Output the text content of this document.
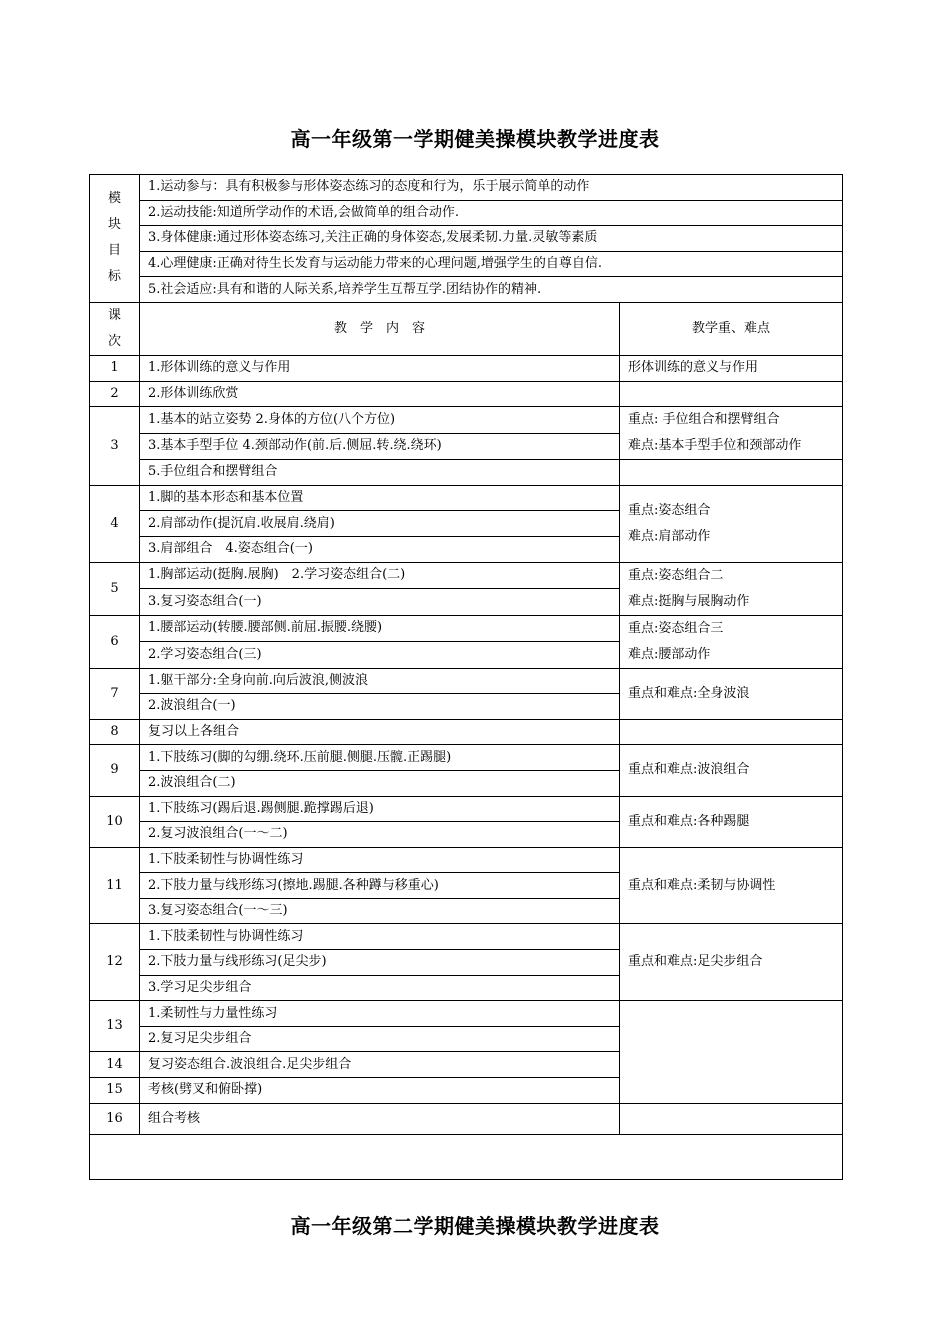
高一年级第一学期健美操模块教学进度表
模
块
目
标	1.运动参与：具有积极参与形体姿态练习的态度和行为，乐于展示简单的动作	
	2.运动技能:知道所学动作的术语,会做简单的组合动作.	
	3.身体健康:通过形体姿态练习,关注正确的身体姿态,发展柔韧.力量.灵敏等素质	
	4.心理健康:正确对待生长发育与运动能力带来的心理问题,增强学生的自尊自信.	
	5.社会适应:具有和谐的人际关系,培养学生互帮互学.团结协作的精神.	

课
次	教　学　内　容	教学重、难点
1	1.形体训练的意义与作用	形体训练的意义与作用
2	2.形体训练欣赏	
3	1.基本的站立姿势 2.身体的方位(八个方位)	重点: 手位组合和摆臂组合
难点:基本手型手位和颈部动作

	3.基本手型手位 4.颈部动作(前.后.侧屈.转.绕.绕环)	
	5.手位组合和摆臂组合	
4	1.脚的基本形态和基本位置	重点:姿态组合
难点:肩部动作

	2.肩部动作(提沉肩.收展肩.绕肩)	
	3.肩部组合　4.姿态组合(一)	
5	1.胸部运动(挺胸.展胸)　2.学习姿态组合(二)	重点:姿态组合二
难点:挺胸与展胸动作

	3.复习姿态组合(一)	
6	1.腰部运动(转腰.腰部侧.前屈.振腰.绕腰)	重点:姿态组合三
难点:腰部动作

	2.学习姿态组合(三)	
7	1.躯干部分:全身向前.向后波浪,侧波浪	重点和难点:全身波浪
	2.波浪组合(一)	
8	复习以上各组合	
9	1.下肢练习(脚的勾绷.绕环.压前腿.侧腿.压髋.正踢腿)	重点和难点:波浪组合
	2.波浪组合(二)	
10	1.下肢练习(踢后退.踢侧腿.跪撑踢后退)	重点和难点:各种踢腿
	2.复习波浪组合(一～二)	
11	1.下肢柔韧性与协调性练习	重点和难点:柔韧与协调性
	2.下肢力量与线形练习(擦地.踢腿.各种蹲与移重心)	
	3.复习姿态组合(一～三)	
12	1.下肢柔韧性与协调性练习	重点和难点:足尖步组合
	2.下肢力量与线形练习(足尖步)	
	3.学习足尖步组合	
13	1.柔韧性与力量性练习	
	2.复习足尖步组合	
14	复习姿态组合.波浪组合.足尖步组合	
15	考核(劈叉和俯卧撑)	
16	组合考核	

高一年级第二学期健美操模块教学进度表
